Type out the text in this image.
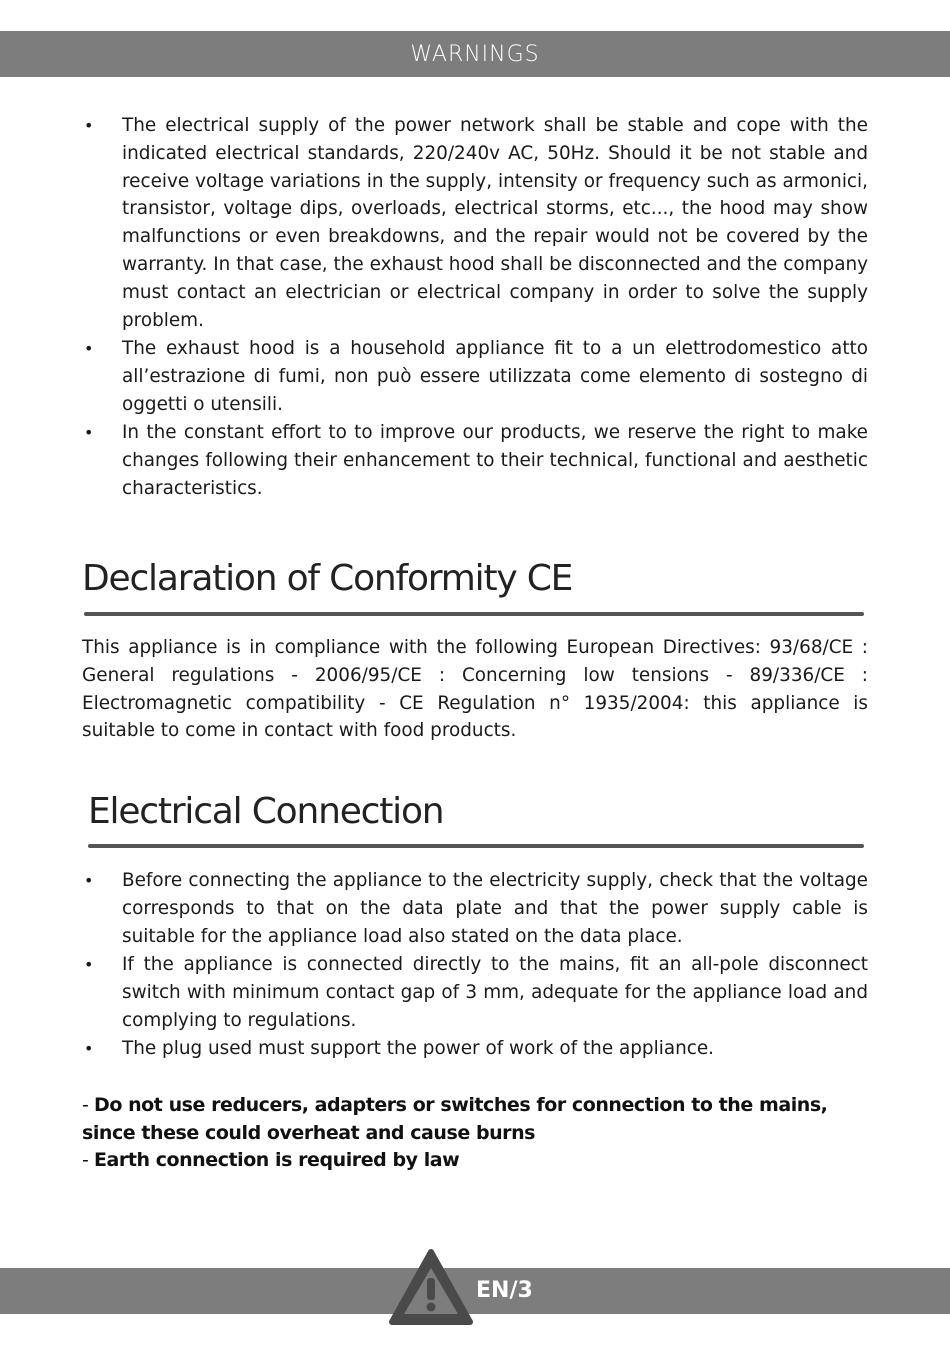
WARNINGS
• The electrical supply of the power network shall be stable and cope with the indicated electrical standards, 220/240v AC, 50Hz. Should it be not stable and receive voltage variations in the supply, intensity or frequency such as armonici, transistor, voltage dips, overloads, electrical storms, etc..., the hood may show malfunctions or even breakdowns, and the repair would not be covered by the warranty. In that case, the exhaust hood shall be disconnected and the company must contact an electrician or electrical company in order to solve the supply problem.
• The exhaust hood is a household appliance fit to a un elettrodomestico atto all’estrazione di fumi, non può essere utilizzata come elemento di sostegno di oggetti o utensili.
• In the constant effort to to improve our products, we reserve the right to make changes following their enhancement to their technical, functional and aesthetic characteristics.
Declaration of Conformity CE

This appliance is in compliance with the following European Directives: 93/68/CE : General regulations - 2006/95/CE : Concerning low tensions - 89/336/CE : Electromagnetic compatibility - CE Regulation n° 1935/2004: this appliance is suitable to come in contact with food products.

Electrical Connection
• Before connecting the appliance to the electricity supply, check that the voltage corresponds to that on the data plate and that the power supply cable is suitable for the appliance load also stated on the data place.
• If the appliance is connected directly to the mains, fit an all-pole disconnect switch with minimum contact gap of 3 mm, adequate for the appliance load and complying to regulations.
• The plug used must support the power of work of the appliance.

- Do not use reducers, adapters or switches for connection to the mains, since these could overheat and cause burns

- Earth connection is required by law

EN/3
